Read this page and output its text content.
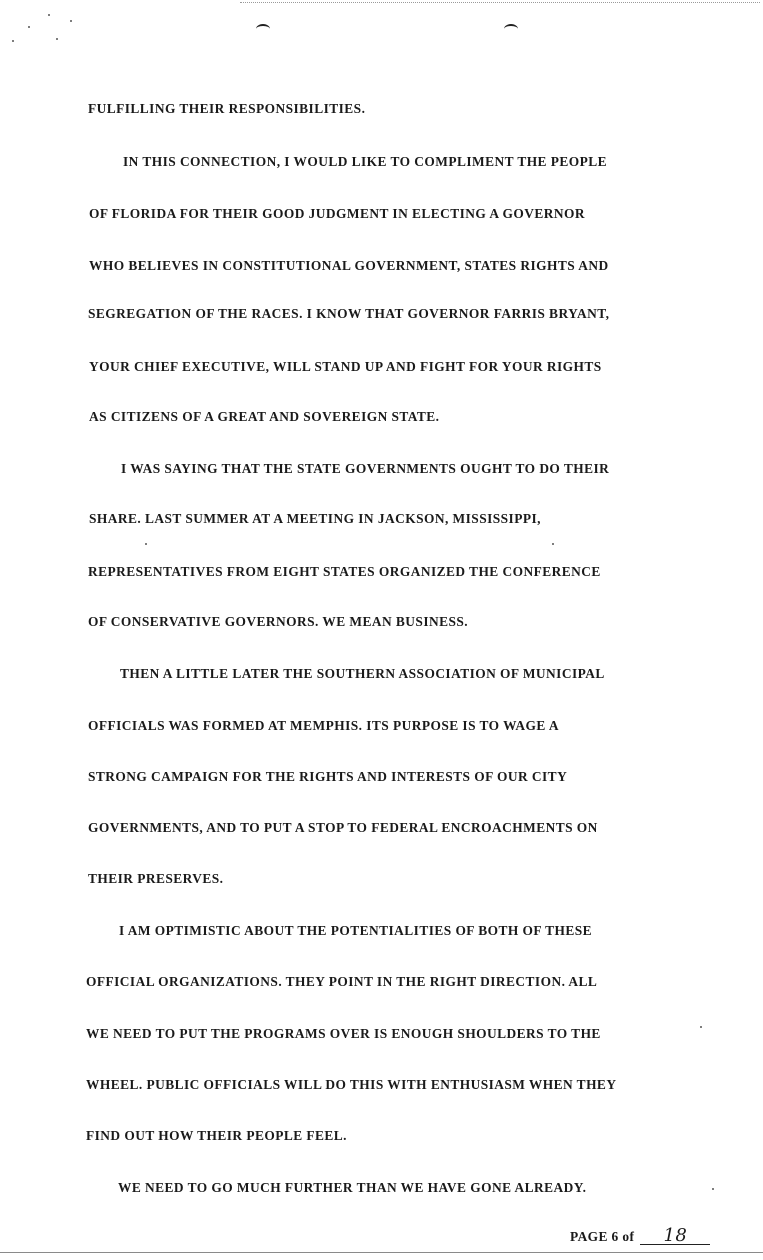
FULFILLING THEIR RESPONSIBILITIES.
IN THIS CONNECTION, I WOULD LIKE TO COMPLIMENT THE PEOPLE
OF FLORIDA FOR THEIR GOOD JUDGMENT IN ELECTING A GOVERNOR
WHO BELIEVES IN CONSTITUTIONAL GOVERNMENT, STATES RIGHTS AND
SEGREGATION OF THE RACES. I KNOW THAT GOVERNOR FARRIS BRYANT,
YOUR CHIEF EXECUTIVE, WILL STAND UP AND FIGHT FOR YOUR RIGHTS
AS CITIZENS OF A GREAT AND SOVEREIGN STATE.
I WAS SAYING THAT THE STATE GOVERNMENTS OUGHT TO DO THEIR
SHARE. LAST SUMMER AT A MEETING IN JACKSON, MISSISSIPPI,
REPRESENTATIVES FROM EIGHT STATES ORGANIZED THE CONFERENCE
OF CONSERVATIVE GOVERNORS. WE MEAN BUSINESS.
THEN A LITTLE LATER THE SOUTHERN ASSOCIATION OF MUNICIPAL
OFFICIALS WAS FORMED AT MEMPHIS. ITS PURPOSE IS TO WAGE A
STRONG CAMPAIGN FOR THE RIGHTS AND INTERESTS OF OUR CITY
GOVERNMENTS, AND TO PUT A STOP TO FEDERAL ENCROACHMENTS ON
THEIR PRESERVES.
I AM OPTIMISTIC ABOUT THE POTENTIALITIES OF BOTH OF THESE
OFFICIAL ORGANIZATIONS. THEY POINT IN THE RIGHT DIRECTION. ALL
WE NEED TO PUT THE PROGRAMS OVER IS ENOUGH SHOULDERS TO THE
WHEEL. PUBLIC OFFICIALS WILL DO THIS WITH ENTHUSIASM WHEN THEY
FIND OUT HOW THEIR PEOPLE FEEL.
WE NEED TO GO MUCH FURTHER THAN WE HAVE GONE ALREADY.
PAGE 6 of 18
